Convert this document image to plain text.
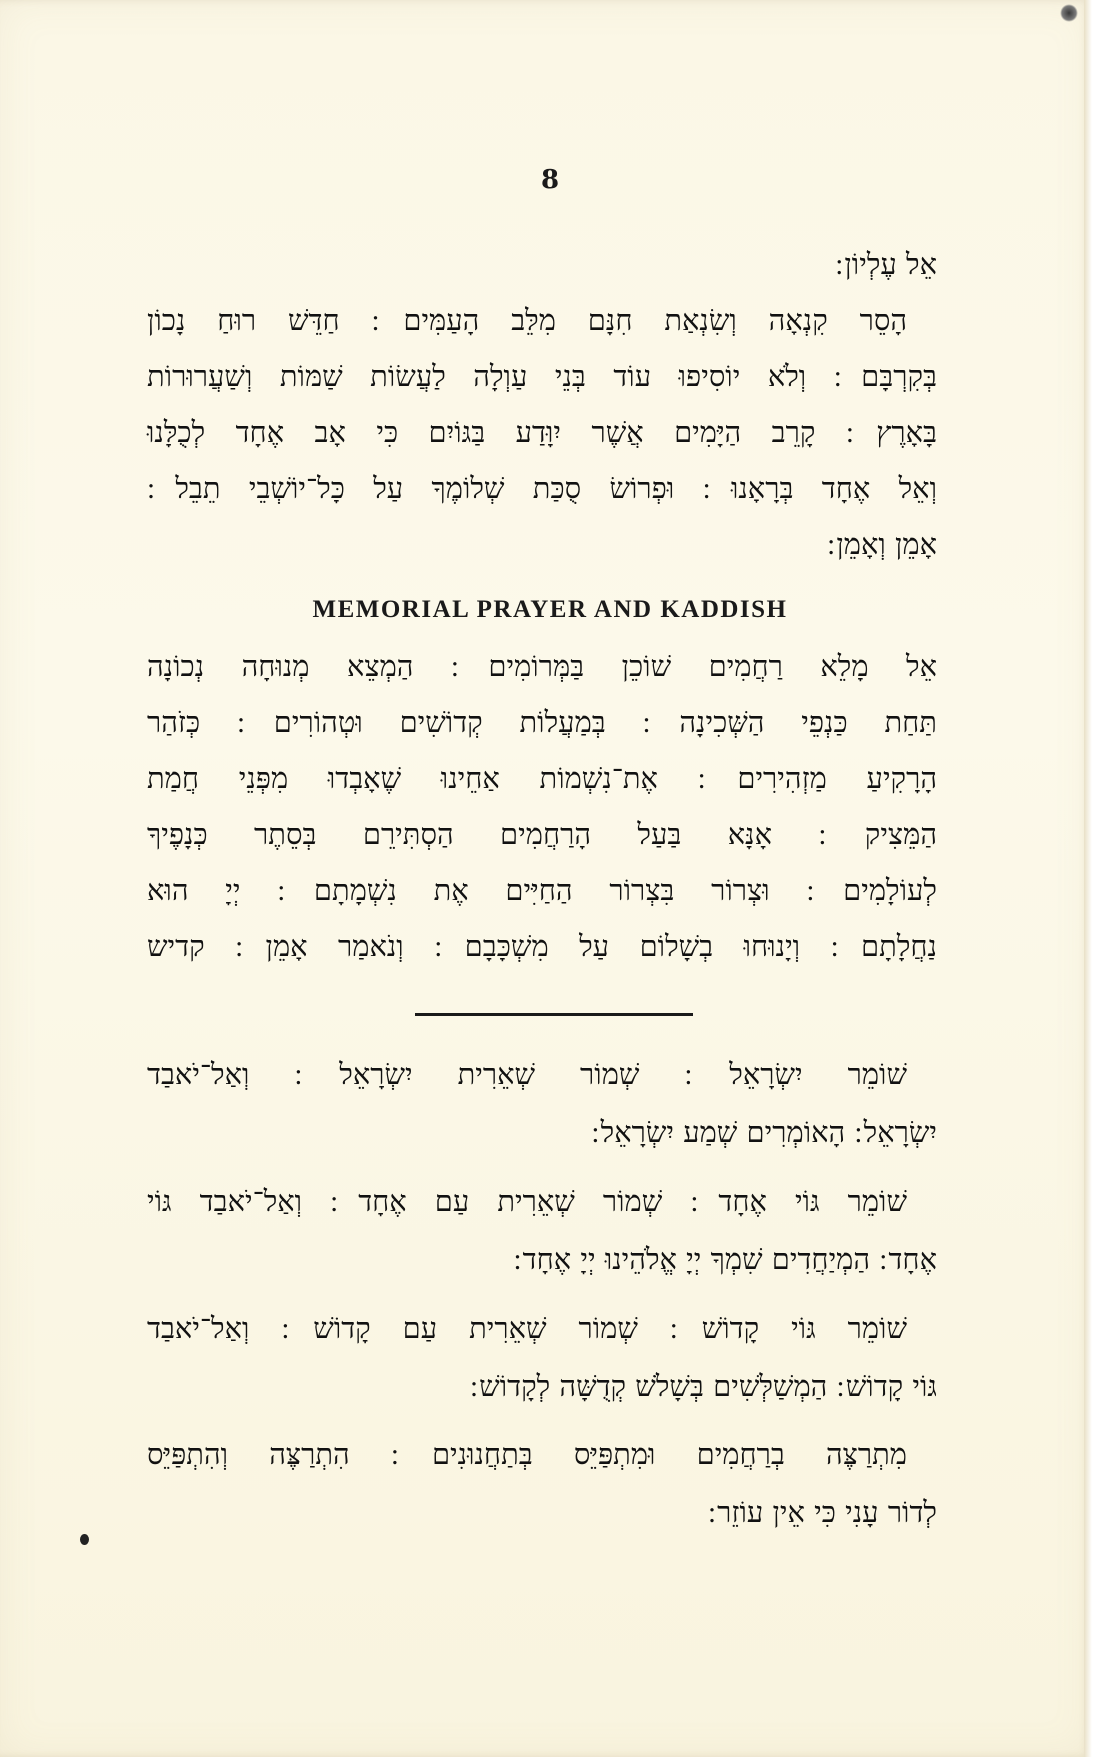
8
אֵל עֶלְיוֹן ׃
הָסֵר קִנְאָה וְשִׂנְאַת חִנָּם מִלֵּב הָעַמִּים ׃ חַדֵּשׁ רוּחַ נָכוֹן
בְּקִרְבָּם ׃ וְלֹא יוֹסִיפוּ עוֹד בְּנֵי עַוְלָה לַעֲשׂוֹת שַׁמּוֹת וְשַׁעֲרוּרוֹת
בָּאָרֶץ ׃ קָרֵב הַיָּמִים אֲשֶׁר יִוָּדַע בַּגּוֹיִם כִּי אָב אֶחָד לְכֻלָּנוּ
וְאֵל אֶחָד בְּרָאָנוּ ׃ וּפְרוֹשׂ סֻכַּת שְׁלוֹמֶךָ עַל כָּל־יוֹשְׁבֵי תֵבֵל ׃
אָמֵן וְאָמֵן ׃
MEMORIAL PRAYER AND KADDISH
אֵל מָלֵא רַחֲמִים שׁוֹכֵן בַּמְּרוֹמִים ׃ הַמְצֵא מְנוּחָה נְכוֹנָה
תַּחַת כַּנְפֵי הַשְּׁכִינָה ׃ בְּמַעֲלוֹת קְדוֹשִׁים וּטְהוֹרִים ׃ כְּזֹהַר
הָרָקִיעַ מַזְהִירִים ׃ אֶת־נִשְׁמוֹת אַחֵינוּ שֶׁאָבְדוּ מִפְּנֵי חֲמַת
הַמֵּצִיק ׃ אָנָּא בַּעַל הָרַחֲמִים הַסְתִּירֵם בְּסֵתֶר כְּנָפֶיךָ
לְעוֹלָמִים ׃ וּצְרוֹר בִּצְרוֹר הַחַיִּים אֶת נִשְׁמָתָם ׃ יְיָ הוּא
נַחֲלָתָם ׃ וְיָנוּחוּ בְשָׁלוֹם עַל מִשְׁכָּבָם ׃ וְנֹאמַר אָמֵן ׃ קדיש
שׁוֹמֵר יִשְׂרָאֵל ׃ שְׁמוֹר שְׁאֵרִית יִשְׂרָאֵל ׃ וְאַל־יֹאבַד
יִשְׂרָאֵל ׃ הָאוֹמְרִים שְׁמַע יִשְׂרָאֵל ׃
שׁוֹמֵר גּוֹי אֶחָד ׃ שְׁמוֹר שְׁאֵרִית עַם אֶחָד ׃ וְאַל־יֹאבַד גּוֹי
אֶחָד ׃ הַמְיַחֲדִים שִׁמְךָ יְיָ אֱלֹהֵינוּ יְיָ אֶחָד ׃
שׁוֹמֵר גּוֹי קָדוֹשׁ ׃ שְׁמוֹר שְׁאֵרִית עַם קָדוֹשׁ ׃ וְאַל־יֹאבַד
גּוֹי קָדוֹשׁ ׃ הַמְשַׁלְּשִׁים בְּשָׁלֹשׁ קְדֻשָּׁה לְקָדוֹשׁ ׃
מִתְרַצֶּה בְרַחֲמִים וּמִתְפַּיֵּס בְּתַחֲנוּנִים ׃ הִתְרַצֶּה וְהִתְפַּיֵּס
לְדוֹר עָנִי כִּי אֵין עוֹזֵר ׃
